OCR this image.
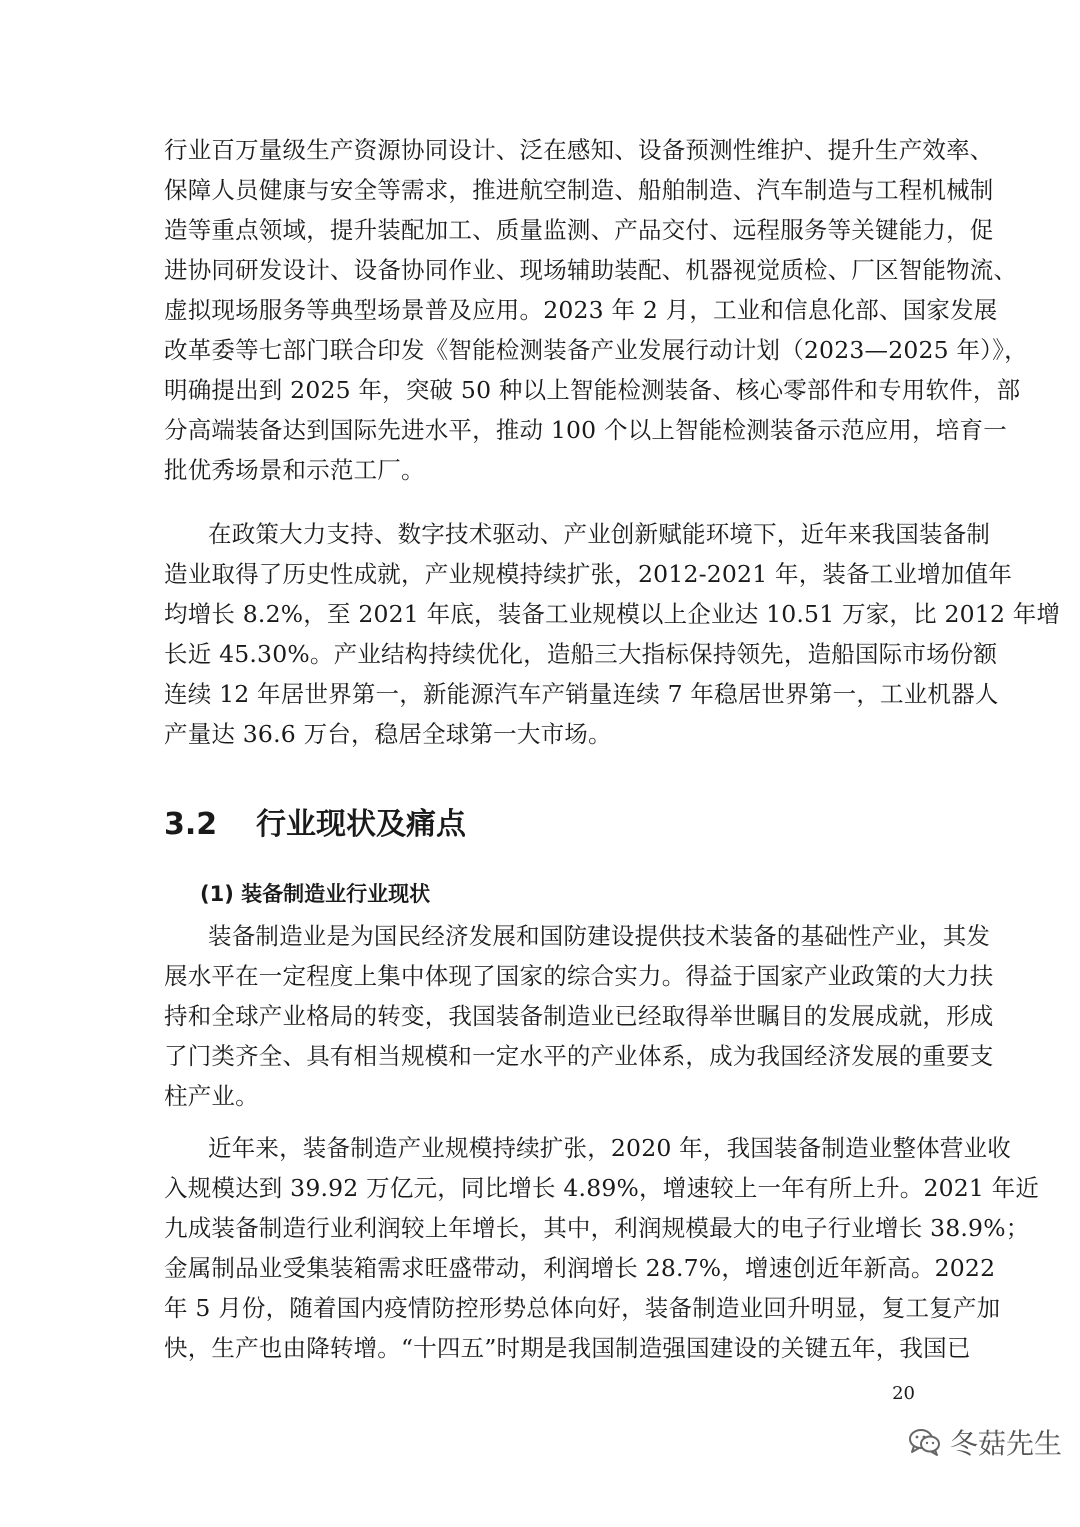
行业百万量级生产资源协同设计、泛在感知、设备预测性维护、提升生产效率、
保障人员健康与安全等需求，推进航空制造、船舶制造、汽车制造与工程机械制
造等重点领域，提升装配加工、质量监测、产品交付、远程服务等关键能力，促
进协同研发设计、设备协同作业、现场辅助装配、机器视觉质检、厂区智能物流、
虚拟现场服务等典型场景普及应用。2023 年 2 月，工业和信息化部、国家发展
改革委等七部门联合印发《智能检测装备产业发展行动计划（2023—2025 年）》，
明确提出到 2025 年，突破 50 种以上智能检测装备、核心零部件和专用软件，部
分高端装备达到国际先进水平，推动 100 个以上智能检测装备示范应用，培育一
批优秀场景和示范工厂。
在政策大力支持、数字技术驱动、产业创新赋能环境下，近年来我国装备制
造业取得了历史性成就，产业规模持续扩张，2012-2021 年，装备工业增加值年
均增长 8.2%，至 2021 年底，装备工业规模以上企业达 10.51 万家，比 2012 年增
长近 45.30%。产业结构持续优化，造船三大指标保持领先，造船国际市场份额
连续 12 年居世界第一，新能源汽车产销量连续 7 年稳居世界第一，工业机器人
产量达 36.6 万台，稳居全球第一大市场。
3.2 行业现状及痛点
(1) 装备制造业行业现状
装备制造业是为国民经济发展和国防建设提供技术装备的基础性产业，其发
展水平在一定程度上集中体现了国家的综合实力。得益于国家产业政策的大力扶
持和全球产业格局的转变，我国装备制造业已经取得举世瞩目的发展成就，形成
了门类齐全、具有相当规模和一定水平的产业体系，成为我国经济发展的重要支
柱产业。
近年来，装备制造产业规模持续扩张，2020 年，我国装备制造业整体营业收
入规模达到 39.92 万亿元，同比增长 4.89%，增速较上一年有所上升。2021 年近
九成装备制造行业利润较上年增长，其中，利润规模最大的电子行业增长 38.9%；
金属制品业受集装箱需求旺盛带动，利润增长 28.7%，增速创近年新高。2022
年 5 月份，随着国内疫情防控形势总体向好，装备制造业回升明显，复工复产加
快，生产也由降转增。“十四五”时期是我国制造强国建设的关键五年，我国已
20
冬菇先生
